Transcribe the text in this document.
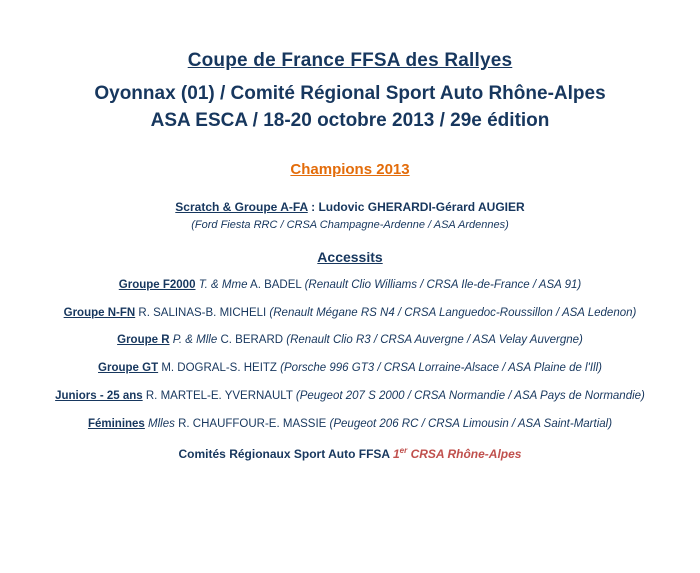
Coupe de France FFSA des Rallyes
Oyonnax (01) / Comité Régional Sport Auto Rhône-Alpes
ASA ESCA / 18-20 octobre 2013 / 29e édition
Champions 2013
Scratch & Groupe A-FA : Ludovic GHERARDI-Gérard AUGIER
(Ford Fiesta RRC / CRSA Champagne-Ardenne / ASA Ardennes)
Accessits
Groupe F2000 T. & Mme A. BADEL (Renault Clio Williams / CRSA Ile-de-France / ASA 91)
Groupe N-FN R. SALINAS-B. MICHELI (Renault Mégane RS N4 / CRSA Languedoc-Roussillon / ASA Ledenon)
Groupe R P. & Mlle C. BERARD (Renault Clio R3 / CRSA Auvergne / ASA Velay Auvergne)
Groupe GT M. DOGRAL-S. HEITZ (Porsche 996 GT3 / CRSA Lorraine-Alsace / ASA Plaine de l'Ill)
Juniors - 25 ans R. MARTEL-E. YVERNAULT (Peugeot 207 S 2000 / CRSA Normandie / ASA Pays de Normandie)
Féminines Mlles R. CHAUFFOUR-E. MASSIE (Peugeot 206 RC / CRSA Limousin / ASA Saint-Martial)
Comités Régionaux Sport Auto FFSA 1er CRSA Rhône-Alpes
